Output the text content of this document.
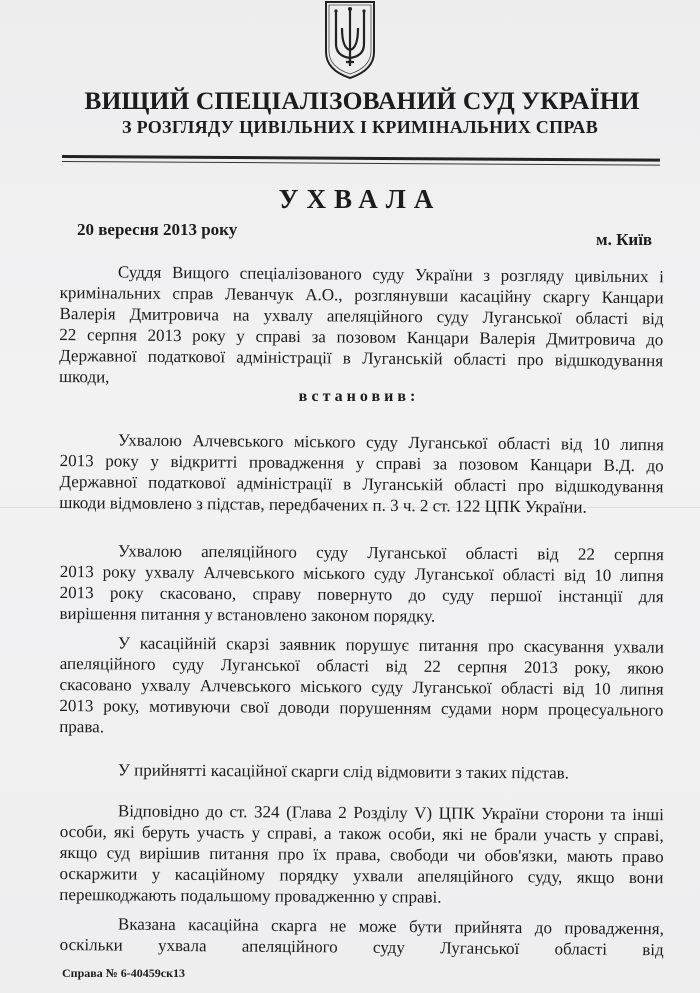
ВИЩИЙ СПЕЦІАЛІЗОВАНИЙ СУД УКРАЇНИ
З РОЗГЛЯДУ ЦИВІЛЬНИХ І КРИМІНАЛЬНИХ СПРАВ
УХВАЛА
20 вересня 2013 року
м. Київ
Суддя Вищого спеціалізованого суду України з розгляду цивільних і
кримінальних справ Леванчук А.О., розглянувши касаційну скаргу Канцари
Валерія Дмитровича на ухвалу апеляційного суду Луганської області від
22 серпня 2013 року у справі за позовом Канцари Валерія Дмитровича до
Державної податкової адміністрації в Луганській області про відшкодування
шкоди,
встановив:
Ухвалою Алчевського міського суду Луганської області від 10 липня
2013 року у відкритті провадження у справі за позовом Канцари В.Д. до
Державної податкової адміністрації в Луганській області про відшкодування
шкоди відмовлено з підстав, передбачених п. 3 ч. 2 ст. 122 ЦПК України.
Ухвалою апеляційного суду Луганської області від 22 серпня
2013 року ухвалу Алчевського міського суду Луганської області від 10 липня
2013 року скасовано, справу повернуто до суду першої інстанції для
вирішення питання у встановлено законом порядку.
У касаційній скарзі заявник порушує питання про скасування ухвали
апеляційного суду Луганської області від 22 серпня 2013 року, якою
скасовано ухвалу Алчевського міського суду Луганської області від 10 липня
2013 року, мотивуючи свої доводи порушенням судами норм процесуального
права.
У прийнятті касаційної скарги слід відмовити з таких підстав.
Відповідно до ст. 324 (Глава 2 Розділу V) ЦПК України сторони та інші
особи, які беруть участь у справі, а також особи, які не брали участь у справі,
якщо суд вирішив питання про їх права, свободи чи обов'язки, мають право
оскаржити у касаційному порядку ухвали апеляційного суду, якщо вони
перешкоджають подальшому провадженню у справі.
Вказана касаційна скарга не може бути прийнята до провадження,
оскільки ухвала апеляційного суду Луганської області від
Справа № 6-40459ск13
